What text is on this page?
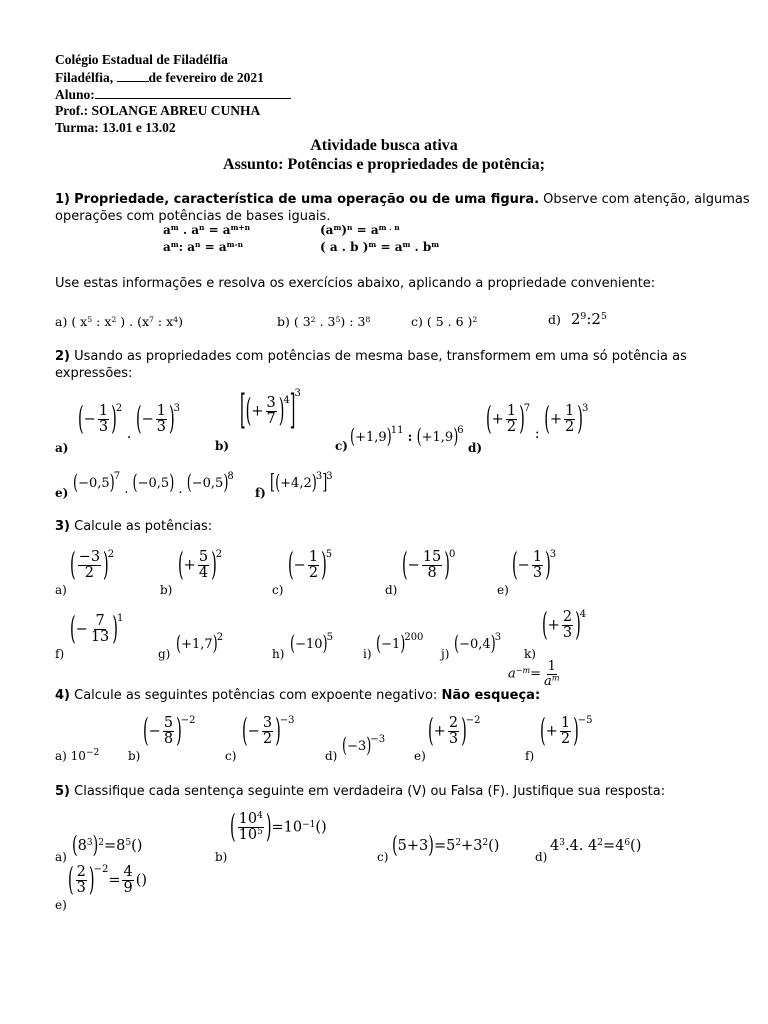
Colégio Estadual de Filadélfia
Filadélfia, de fevereiro de 2021
Aluno:
Prof.: SOLANGE ABREU CUNHA
Turma: 13.01 e 13.02
Atividade busca ativa
Assunto: Potências e propriedades de potência;
1) Propriedade, característica de uma operação ou de uma figura. Observe com atenção, algumas
operações com potências de bases iguais.
$a^m$ . $a^n = a^{m+n}$	$(a^m)^n = a^{m . n}$
$a^m$: $a^n = a^{m-n}$	( a . b )$^m = a^m$ . $b^m$
Use estas informações e resolva os exercícios abaixo, aplicando a propriedade conveniente:
a) ( $x^5$ : $x^2$ ) . ($x^7$ : $x^4$)	b) ( $3^2$ . $3^5$) : $3^8$	c) ( 5 . 6 )$^2$	d) $2^9:2^5$
2) Usando as propriedades com potências de mesma base, transformem em uma só potência as
expressões:
a)
(− $\frac{1}{3} )^2$ . (− $\frac{1}{3} )^3$
b)
[(+ $\frac{3}{7} )^4]^3$
c) $(+1,9)^{11}$ : $(+1,9)^6$
d)
(+ $\frac{1}{2} )^7$ : (+ $\frac{1}{2} )^3$
e) $(-0,5)^7$ . (−0,5) . $(-0,5)^8$
f) $[(+4,2)^3]^3$
3) Calcule as potências:
a)
( $\frac{-3}{2} )^2$
b)
(+ $\frac{5}{4} )^2$
c)
(− $\frac{1}{2} )^5$
d)
(− $\frac{15}{8} )^0$
e)
(− $\frac{1}{3} )^3$
f)
(− $\frac{7}{13} )^1$
g) $(+1,7)^2$
h) $(-10)^5$
i) $(-1)^{200}$
j) $(-0,4)^3$
k)
(+ $\frac{2}{3} )^4$
$a^{-m}= \frac{1}{a^m}$
4) Calcule as seguintes potências com expoente negativo: Não esqueça:
a) $10^{-2}$ b)
(− $\frac{5}{8} )^{-2}$
c)
(− $\frac{3}{2} )^{-3}$
d) $(-3)^{-3}$
e)
(+ $\frac{2}{3} )^{-2}$
f)
(+ $\frac{1}{2} )^{-5}$
5) Classifique cada sentença seguinte em verdadeira (V) ou Falsa (F). Justifique sua resposta:
a) $(8^3)^2=8^5()$
b)
( $\frac{10^4}{10^5} )=10^{-1}()$
c) $(5+3)=5^2+3^2()$
d)
$4^3.4$. $4^2=4^6()$
e)
( $\frac{2}{3} )^{-2}= \frac{4}{9}$ ()
